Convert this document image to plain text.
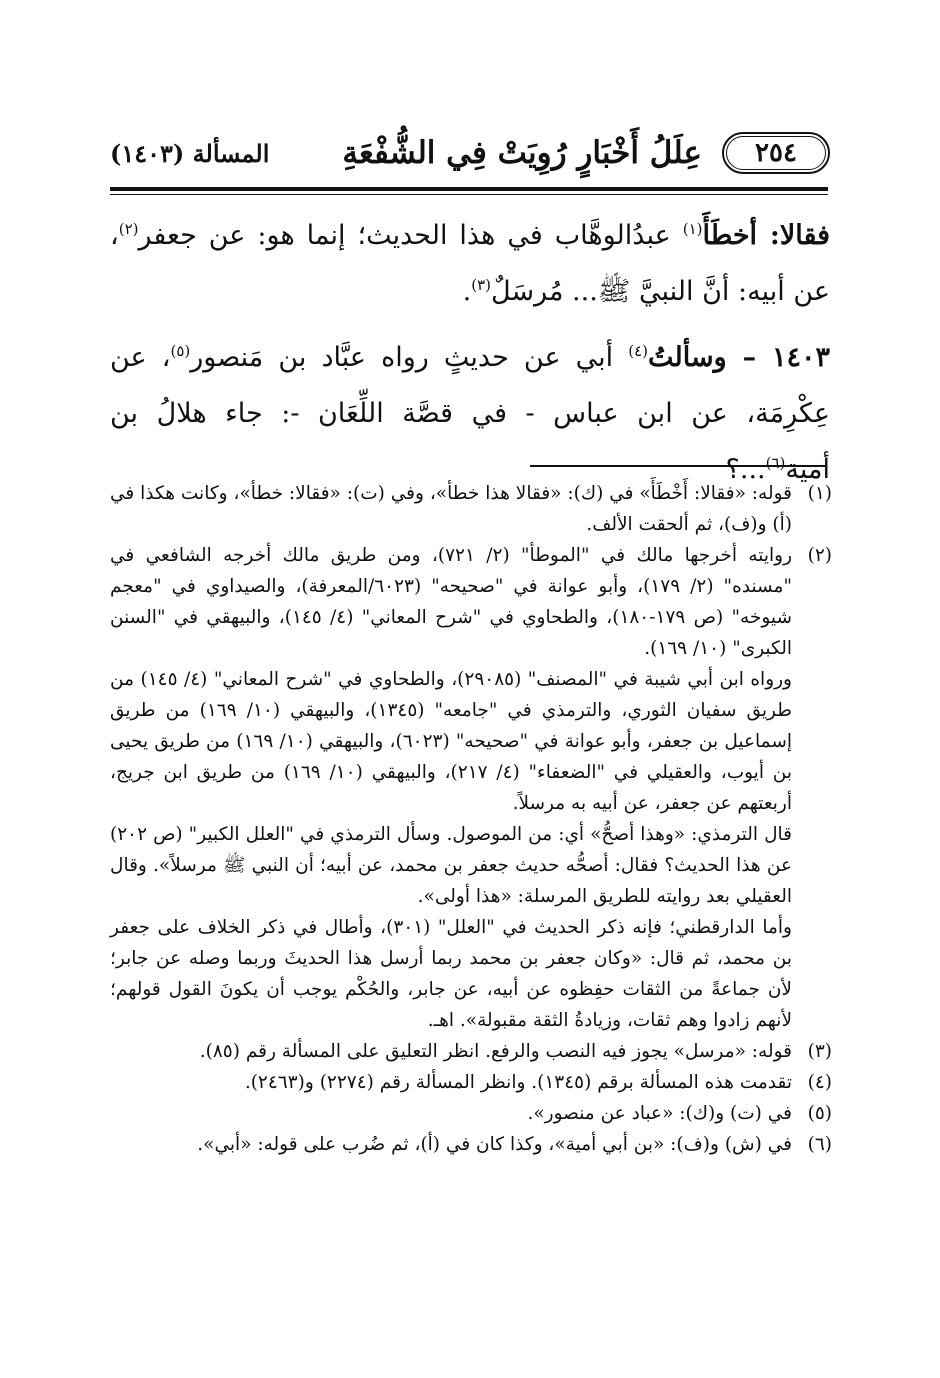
٢٥٤
عِلَلُ أَخْبَارٍ رُوِيَتْ فِي الشُّفْعَةِ
المسألة (١٤٠٣)

فقالا: أخطَأَ$^{(١)}$ عبدُالوهَّاب في هذا الحديث؛ إنما هو: عن جعفر$^{(٢)}$، عن أبيه: أنَّ النبيَّ ﷺ... مُرسَلٌ$^{(٣)}$.

١٤٠٣ – وسألتُ$^{(٤)}$ أبي عن حديثٍ رواه عبَّاد بن مَنصور$^{(٥)}$، عن عِكْرِمَة، عن ابن عباس - في قصَّة اللِّعَان -: جاء هلالُ بن أمية$^{(٦)}$...؟

(١)
قوله: «فقالا: أَخْطَأَ» في (ك): «فقالا هذا خطأ»، وفي (ت): «فقالا: خطأ»، وكانت هكذا في (أ) و(ف)، ثم ألحقت الألف.
(٢)
روايته أخرجها مالك في "الموطأ" (٢/ ٧٢١)، ومن طريق مالك أخرجه الشافعي في "مسنده" (٢/ ١٧٩)، وأبو عوانة في "صحيحه" (٦٠٢٣/المعرفة)، والصيداوي في "معجم شيوخه" (ص ١٧٩-١٨٠)، والطحاوي في "شرح المعاني" (٤/ ١٤٥)، والبيهقي في "السنن الكبرى" (١٠/ ١٦٩).

ورواه ابن أبي شيبة في "المصنف" (٢٩٠٨٥)، والطحاوي في "شرح المعاني" (٤/ ١٤٥) من طريق سفيان الثوري، والترمذي في "جامعه" (١٣٤٥)، والبيهقي (١٠/ ١٦٩) من طريق إسماعيل بن جعفر، وأبو عوانة في "صحيحه" (٦٠٢٣)، والبيهقي (١٠/ ١٦٩) من طريق يحيى بن أيوب، والعقيلي في "الضعفاء" (٤/ ٢١٧)، والبيهقي (١٠/ ١٦٩) من طريق ابن جريج، أربعتهم عن جعفر، عن أبيه به مرسلاً.

قال الترمذي: «وهذا أصحُّ» أي: من الموصول. وسأل الترمذي في "العلل الكبير" (ص ٢٠٢) عن هذا الحديث؟ فقال: أصحُّه حديث جعفر بن محمد، عن أبيه؛ أن النبي ﷺ مرسلاً». وقال العقيلي بعد روايته للطريق المرسلة: «هذا أولى».

وأما الدارقطني؛ فإنه ذكر الحديث في "العلل" (٣٠١)، وأطال في ذكر الخلاف على جعفر بن محمد، ثم قال: «وكان جعفر بن محمد ربما أرسل هذا الحديثَ وربما وصله عن جابر؛ لأن جماعةً من الثقات حفِظوه عن أبيه، عن جابر، والحُكْم يوجب أن يكونَ القول قولهم؛ لأنهم زادوا وهم ثقات، وزيادةُ الثقة مقبولة». اهـ.

(٣)
قوله: «مرسل» يجوز فيه النصب والرفع. انظر التعليق على المسألة رقم (٨٥).
(٤)
تقدمت هذه المسألة برقم (١٣٤٥). وانظر المسألة رقم (٢٢٧٤) و(٢٤٦٣).
(٥)
في (ت) و(ك): «عباد عن منصور».
(٦)
في (ش) و(ف): «بن أبي أمية»، وكذا كان في (أ)، ثم ضُرب على قوله: «أبي».
